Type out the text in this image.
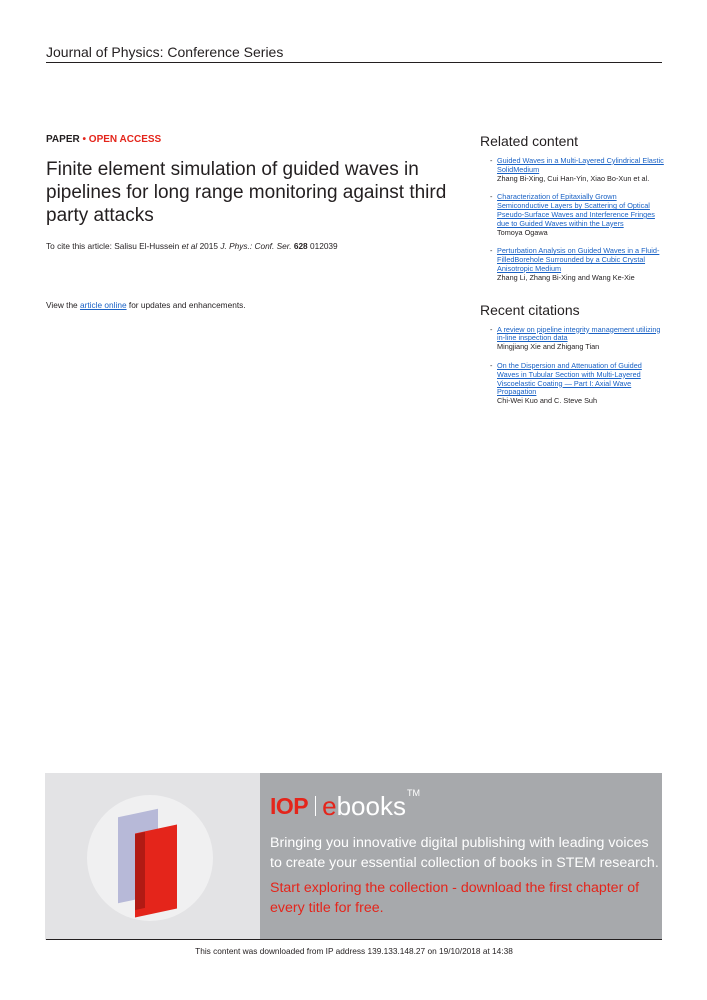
Journal of Physics: Conference Series
PAPER • OPEN ACCESS
Finite element simulation of guided waves in pipelines for long range monitoring against third party attacks
To cite this article: Salisu El-Hussein et al 2015 J. Phys.: Conf. Ser. 628 012039
View the article online for updates and enhancements.
Related content
- Guided Waves in a Multi-Layered Cylindrical Elastic SolidMedium
Zhang Bi-Xing, Cui Han-Yin, Xiao Bo-Xun et al.
- Characterization of Epitaxially Grown Semiconductive Layers by Scattering of Optical Pseudo-Surface Waves and Interference Fringes due to Guided Waves within the Layers
Tomoya Ogawa
- Perturbation Analysis on Guided Waves in a Fluid-FilledBorehole Surrounded by a Cubic Crystal Anisotropic Medium
Zhang Li, Zhang Bi-Xing and Wang Ke-Xie
Recent citations
- A review on pipeline integrity management utilizing in-line inspection data
Mingjiang Xie and Zhigang Tian
- On the Dispersion and Attenuation of Guided Waves in Tubular Section with Multi-Layered Viscoelastic Coating — Part I: Axial Wave Propagation
Chi-Wei Kuo and C. Steve Suh
IOP e books TM
Bringing you innovative digital publishing with leading voices to create your essential collection of books in STEM research.
Start exploring the collection - download the first chapter of every title for free.
This content was downloaded from IP address 139.133.148.27 on 19/10/2018 at 14:38
